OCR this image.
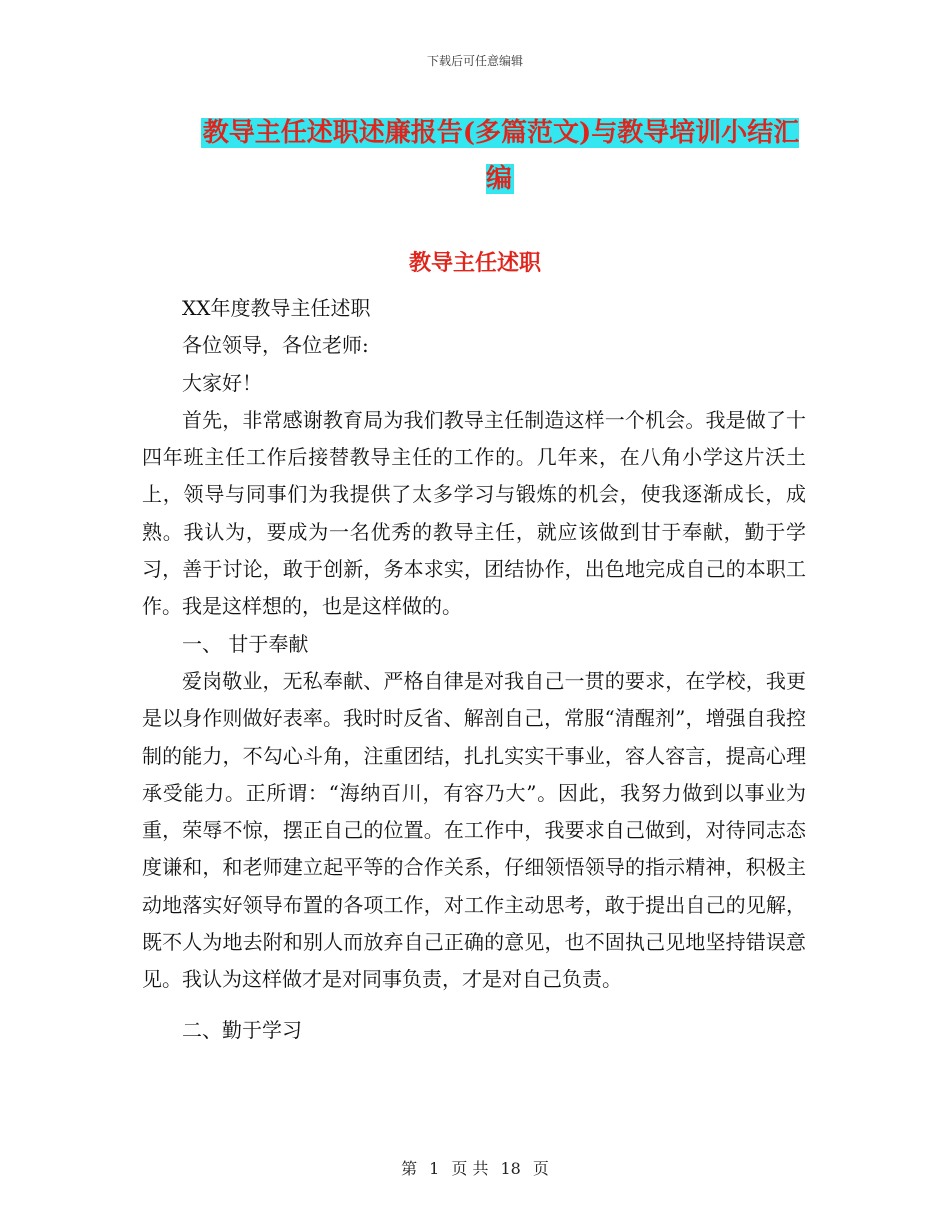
下载后可任意编辑
教导主任述职述廉报告(多篇范文)与教导培训小结汇编
教导主任述职

XX年度教导主任述职

各位领导，各位老师:

大家好！

首先，非常感谢教育局为我们教导主任制造这样一个机会。我是做了十四年班主任工作后接替教导主任的工作的。几年来，在八角小学这片沃土上，领导与同事们为我提供了太多学习与锻炼的机会，使我逐渐成长，成熟。我认为，要成为一名优秀的教导主任，就应该做到甘于奉献，勤于学习，善于讨论，敢于创新，务本求实，团结协作，出色地完成自己的本职工作。我是这样想的，也是这样做的。

一、 甘于奉献

爱岗敬业，无私奉献、严格自律是对我自己一贯的要求，在学校，我更是以身作则做好表率。我时时反省、解剖自己，常服“清醒剂”，增强自我控制的能力，不勾心斗角，注重团结，扎扎实实干事业，容人容言，提高心理承受能力。正所谓：“海纳百川，有容乃大”。因此，我努力做到以事业为重，荣辱不惊，摆正自己的位置。在工作中，我要求自己做到，对待同志态度谦和，和老师建立起平等的合作关系，仔细领悟领导的指示精神，积极主动地落实好领导布置的各项工作，对工作主动思考，敢于提出自己的见解，既不人为地去附和别人而放弃自己正确的意见，也不固执己见地坚持错误意见。我认为这样做才是对同事负责，才是对自己负责。

二、勤于学习

第 1 页 共 18 页
